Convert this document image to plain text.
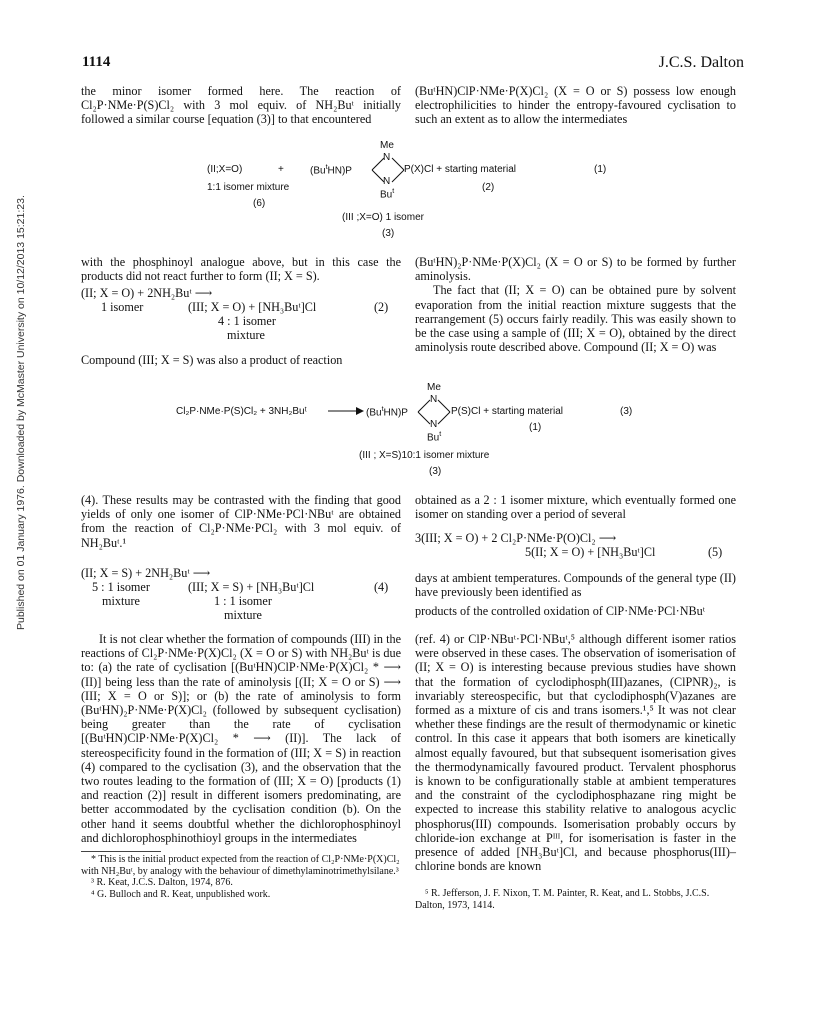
Published on 01 January 1976. Downloaded by McMaster University on 10/12/2013 15:21:23.
1114	J.C.S. Dalton

the minor isomer formed here. The reaction of Cl₂P·NMe·P(S)Cl₂ with 3 mol equiv. of NH₂Buᵗ initially followed a similar course [equation (3)] to that encountered

(BuᵗHN)ClP·NMe·P(X)Cl₂ (X = O or S) possess low enough electrophilicities to hinder the entropy-favoured cyclisation to such an extent as to allow the intermediates

(II;X=O)	+	$(Bu^tHN)P$
Me
N
N
Bu$^t$
P(X)Cl + starting material	(1)
1:1 isomer mixture	(2)
(6)
(III ;X=O) 1 isomer
(3)

with the phosphinoyl analogue above, but in this case the products did not react further to form (II; X = S).

(II; X = O) + 2NH₂Buᵗ ⟶
1 isomer	(III; X = O) + [NH₃Buᵗ]Cl	(2)
4 : 1 isomer
mixture

Compound (III; X = S) was also a product of reaction

(BuᵗHN)₂P·NMe·P(X)Cl₂ (X = O or S) to be formed by further aminolysis.

The fact that (II; X = O) can be obtained pure by solvent evaporation from the initial reaction mixture suggests that the rearrangement (5) occurs fairly readily. This was easily shown to be the case using a sample of (III; X = O), obtained by the direct aminolysis route described above. Compound (II; X = O) was

Cl₂P·NMe·P(S)Cl₂ + 3NH₂Buᵗ	(Bu$^t$HN)P
Me
N
N
Bu$^t$
P(S)Cl + starting material	(3)
(1)
(III ; X=S)10:1 isomer mixture
(3)

(4). These results may be contrasted with the finding that good yields of only one isomer of ClP·NMe·PCl·NBuᵗ are obtained from the reaction of Cl₂P·NMe·PCl₂ with 3 mol equiv. of NH₂Buᵗ.¹

(II; X = S) + 2NH₂Buᵗ ⟶
5 : 1 isomer	(III; X = S) + [NH₃Buᵗ]Cl	(4)
mixture	1 : 1 isomer
mixture

It is not clear whether the formation of compounds (III) in the reactions of Cl₂P·NMe·P(X)Cl₂ (X = O or S) with NH₂Buᵗ is due to: (a) the rate of cyclisation [(BuᵗHN)ClP·NMe·P(X)Cl₂ * ⟶ (II)] being less than the rate of aminolysis [(II; X = O or S) ⟶ (III; X = O or S)]; or (b) the rate of aminolysis to form (BuᵗHN)₂P·NMe·P(X)Cl₂ (followed by subsequent cyclisation) being greater than the rate of cyclisation [(BuᵗHN)ClP·NMe·P(X)Cl₂ * ⟶ (II)]. The lack of stereospecificity found in the formation of (III; X = S) in reaction (4) compared to the cyclisation (3), and the observation that the two routes leading to the formation of (III; X = O) [products (1) and reaction (2)] result in different isomers predominating, are better accommodated by the cyclisation condition (b). On the other hand it seems doubtful whether the dichlorophosphinoyl and dichlorophosphinothioyl groups in the intermediates

obtained as a 2 : 1 isomer mixture, which eventually formed one isomer on standing over a period of several

3(III; X = O) + 2 Cl₂P·NMe·P(O)Cl₂ ⟶
5(II; X = O) + [NH₃Buᵗ]Cl	(5)

days at ambient temperatures. Compounds of the general type (II) have previously been identified as

products of the controlled oxidation of ClP·NMe·PCl·NBuᵗ

(ref. 4) or ClP·NBuᵗ·PCl·NBuᵗ,⁵ although different isomer ratios were observed in these cases. The observation of isomerisation of (II; X = O) is interesting because previous studies have shown that the formation of cyclodiphosph(III)azanes, (ClPNR)₂, is invariably stereospecific, but that cyclodiphosph(V)azanes are formed as a mixture of cis and trans isomers.¹,⁵ It was not clear whether these findings are the result of thermodynamic or kinetic control. In this case it appears that both isomers are kinetically almost equally favoured, but that subsequent isomerisation gives the thermodynamically favoured product. Tervalent phosphorus is known to be configurationally stable at ambient temperatures and the constraint of the cyclodiphosphazane ring might be expected to increase this stability relative to analogous acyclic phosphorus(III) compounds. Isomerisation probably occurs by chloride-ion exchange at Pᴵᴵᴵ, for isomerisation is faster in the presence of added [NH₃Buᵗ]Cl, and because phosphorus(III)–chlorine bonds are known

* This is the initial product expected from the reaction of Cl₂P·NMe·P(X)Cl₂ with NH₂Buᵗ, by analogy with the behaviour of dimethylaminotrimethylsilane.³
³ R. Keat, J.C.S. Dalton, 1974, 876.
⁴ G. Bulloch and R. Keat, unpublished work.	⁵ R. Jefferson, J. F. Nixon, T. M. Painter, R. Keat, and L. Stobbs, J.C.S. Dalton, 1973, 1414.
